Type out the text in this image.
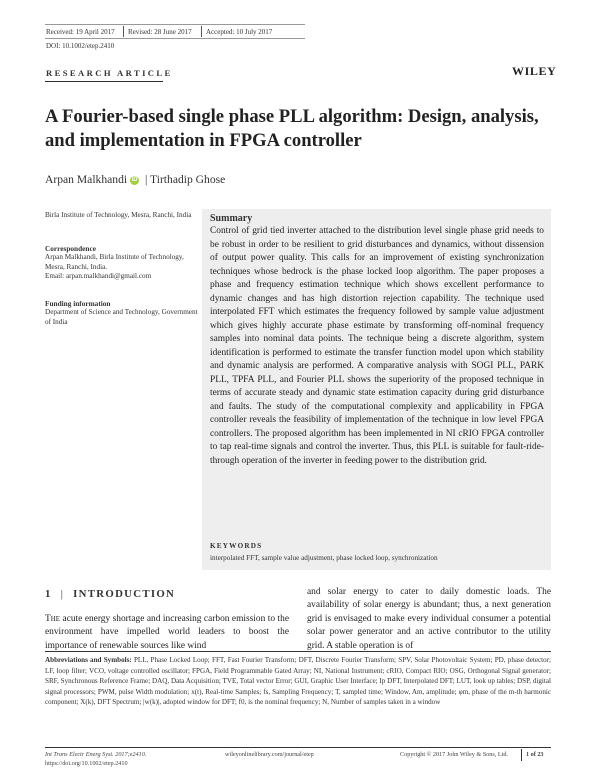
Received: 19 April 2017 Revised: 28 June 2017 Accepted: 10 July 2017
DOI: 10.1002/etep.2410
RESEARCH ARTICLE	WILEY
A Fourier-based single phase PLL algorithm: Design, analysis, and implementation in FPGA controller
Arpan Malkhandi iD | Tirthadip Ghose
Birla Institute of Technology, Mesra, Ranchi, India
Correspondence
Arpan Malkhandi, Birla Institute of Technology, Mesra, Ranchi, India.
Email: arpan.malkhandi@gmail.com
Funding information
Department of Science and Technology, Government of India
Summary
Control of grid tied inverter attached to the distribution level single phase grid needs to be robust in order to be resilient to grid disturbances and dynamics, without dissension of output power quality. This calls for an improvement of existing synchronization techniques whose bedrock is the phase locked loop algorithm. The paper proposes a phase and frequency estimation technique which shows excellent performance to dynamic changes and has high distortion rejection capability. The technique used interpolated FFT which estimates the frequency followed by sample value adjustment which gives highly accurate phase estimate by transforming off-nominal frequency samples into nominal data points. The technique being a discrete algorithm, system identification is performed to estimate the transfer function model upon which stability and dynamic analysis are performed. A comparative analysis with SOGI PLL, PARK PLL, TPFA PLL, and Fourier PLL shows the superiority of the proposed technique in terms of accurate steady and dynamic state estimation capacity during grid disturbance and faults. The study of the computational complexity and applicability in FPGA controller reveals the feasibility of implementation of the technique in low level FPGA controllers. The proposed algorithm has been implemented in NI cRIO FPGA controller to tap real-time signals and control the inverter. Thus, this PLL is suitable for fault-ride-through operation of the inverter in feeding power to the distribution grid.
KEYWORDS
interpolated FFT, sample value adjustment, phase locked loop, synchronization
1 | INTRODUCTION
The acute energy shortage and increasing carbon emission to the environment have impelled world leaders to boost the importance of renewable sources like wind
and solar energy to cater to daily domestic loads. The availability of solar energy is abundant; thus, a next generation grid is envisaged to make every individual consumer a potential solar power generator and an active contributor to the utility grid. A stable operation is of
Abbreviations and Symbols: PLL, Phase Locked Loop; FFT, Fast Fourier Transform; DFT, Discrete Fourier Transform; SPV, Solar Photovoltaic System; PD, phase detector; LF, loop filter; VCO, voltage controlled oscillator; FPGA, Field Programmable Gated Array; NI, National Instrument; cRIO, Compact RIO; OSG, Orthogonal Signal generator; SRF, Synchronous Reference Frame; DAQ, Data Acquisition; TVE, Total vector Error; GUI, Graphic User Interface; Ip DFT, Interpolated DFT; LUT, look up tables; DSP, digital signal processors; PWM, pulse Width modulation; x(t), Real-time Samples; fs, Sampling Frequency; T, sampled time; Window, Am, amplitude; φm, phase of the m-th harmonic component; X(k), DFT Spectrum; |w(k)|, adopted window for DFT; f0, is the nominal frequency; N, Number of samples taken in a window
Int Trans Electr Energ Syst. 2017;e2410.
https://doi.org/10.1002/etep.2410
wileyonlinelibrary.com/journal/etep	Copyright © 2017 John Wiley & Sons, Ltd.	1 of 23
